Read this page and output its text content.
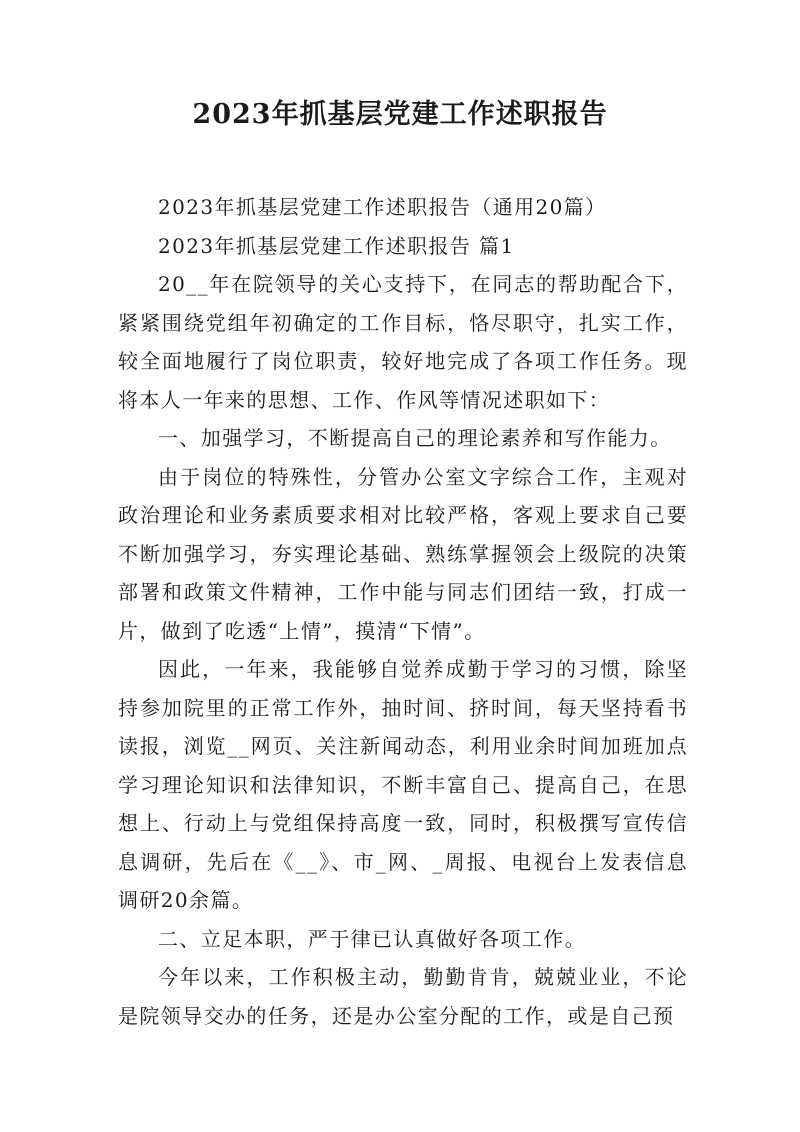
2023年抓基层党建工作述职报告

2023年抓基层党建工作述职报告（通用20篇）

2023年抓基层党建工作述职报告 篇1

20__年在院领导的关心支持下，在同志的帮助配合下，紧紧围绕党组年初确定的工作目标，恪尽职守，扎实工作，较全面地履行了岗位职责，较好地完成了各项工作任务。现将本人一年来的思想、工作、作风等情况述职如下：

一、加强学习，不断提高自己的理论素养和写作能力。

由于岗位的特殊性，分管办公室文字综合工作，主观对政治理论和业务素质要求相对比较严格，客观上要求自己要不断加强学习，夯实理论基础、熟练掌握领会上级院的决策部署和政策文件精神，工作中能与同志们团结一致，打成一片，做到了吃透“上情”，摸清“下情”。

因此，一年来，我能够自觉养成勤于学习的习惯，除坚持参加院里的正常工作外，抽时间、挤时间，每天坚持看书读报，浏览__网页、关注新闻动态，利用业余时间加班加点学习理论知识和法律知识，不断丰富自己、提高自己，在思想上、行动上与党组保持高度一致，同时，积极撰写宣传信息调研，先后在《__》、市_网、_周报、电视台上发表信息调研20余篇。

二、立足本职，严于律已认真做好各项工作。

今年以来，工作积极主动，勤勤肯肯，兢兢业业，不论是院领导交办的任务，还是办公室分配的工作，或是自己预
